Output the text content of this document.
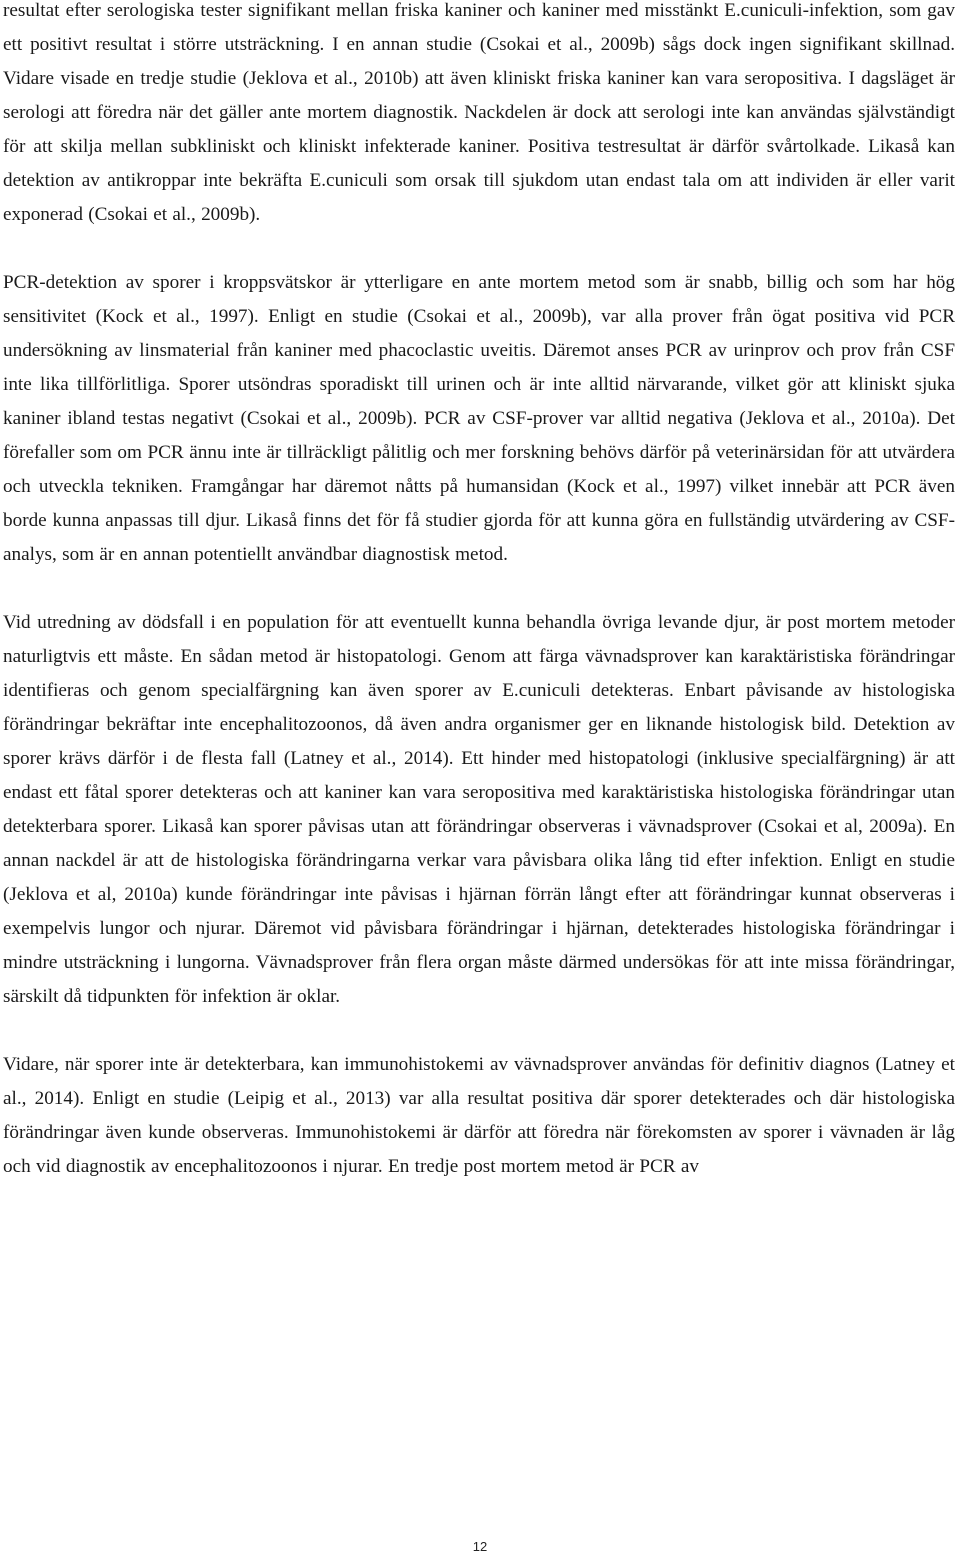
resultat efter serologiska tester signifikant mellan friska kaniner och kaniner med misstänkt E.cuniculi-infektion, som gav ett positivt resultat i större utsträckning. I en annan studie (Csokai et al., 2009b) sågs dock ingen signifikant skillnad. Vidare visade en tredje studie (Jeklova et al., 2010b) att även kliniskt friska kaniner kan vara seropositiva. I dagsläget är serologi att föredra när det gäller ante mortem diagnostik. Nackdelen är dock att serologi inte kan användas självständigt för att skilja mellan subkliniskt och kliniskt infekterade kaniner. Positiva testresultat är därför svårtolkade. Likaså kan detektion av antikroppar inte bekräfta E.cuniculi som orsak till sjukdom utan endast tala om att individen är eller varit exponerad (Csokai et al., 2009b).

PCR-detektion av sporer i kroppsvätskor är ytterligare en ante mortem metod som är snabb, billig och som har hög sensitivitet (Kock et al., 1997). Enligt en studie (Csokai et al., 2009b), var alla prover från ögat positiva vid PCR undersökning av linsmaterial från kaniner med phacoclastic uveitis. Däremot anses PCR av urinprov och prov från CSF inte lika tillförlitliga. Sporer utsöndras sporadiskt till urinen och är inte alltid närvarande, vilket gör att kliniskt sjuka kaniner ibland testas negativt (Csokai et al., 2009b). PCR av CSF-prover var alltid negativa (Jeklova et al., 2010a). Det förefaller som om PCR ännu inte är tillräckligt pålitlig och mer forskning behövs därför på veterinärsidan för att utvärdera och utveckla tekniken. Framgångar har däremot nåtts på humansidan (Kock et al., 1997) vilket innebär att PCR även borde kunna anpassas till djur. Likaså finns det för få studier gjorda för att kunna göra en fullständig utvärdering av CSF-analys, som är en annan potentiellt användbar diagnostisk metod.

Vid utredning av dödsfall i en population för att eventuellt kunna behandla övriga levande djur, är post mortem metoder naturligtvis ett måste. En sådan metod är histopatologi. Genom att färga vävnadsprover kan karaktäristiska förändringar identifieras och genom specialfärgning kan även sporer av E.cuniculi detekteras. Enbart påvisande av histologiska förändringar bekräftar inte encephalitozoonos, då även andra organismer ger en liknande histologisk bild. Detektion av sporer krävs därför i de flesta fall (Latney et al., 2014). Ett hinder med histopatologi (inklusive specialfärgning) är att endast ett fåtal sporer detekteras och att kaniner kan vara seropositiva med karaktäristiska histologiska förändringar utan detekterbara sporer. Likaså kan sporer påvisas utan att förändringar observeras i vävnadsprover (Csokai et al, 2009a). En annan nackdel är att de histologiska förändringarna verkar vara påvisbara olika lång tid efter infektion. Enligt en studie (Jeklova et al, 2010a) kunde förändringar inte påvisas i hjärnan förrän långt efter att förändringar kunnat observeras i exempelvis lungor och njurar. Däremot vid påvisbara förändringar i hjärnan, detekterades histologiska förändringar i mindre utsträckning i lungorna. Vävnadsprover från flera organ måste därmed undersökas för att inte missa förändringar, särskilt då tidpunkten för infektion är oklar.

Vidare, när sporer inte är detekterbara, kan immunohistokemi av vävnadsprover användas för definitiv diagnos (Latney et al., 2014). Enligt en studie (Leipig et al., 2013) var alla resultat positiva där sporer detekterades och där histologiska förändringar även kunde observeras. Immunohistokemi är därför att föredra när förekomsten av sporer i vävnaden är låg och vid diagnostik av encephalitozoonos i njurar. En tredje post mortem metod är PCR av

12
